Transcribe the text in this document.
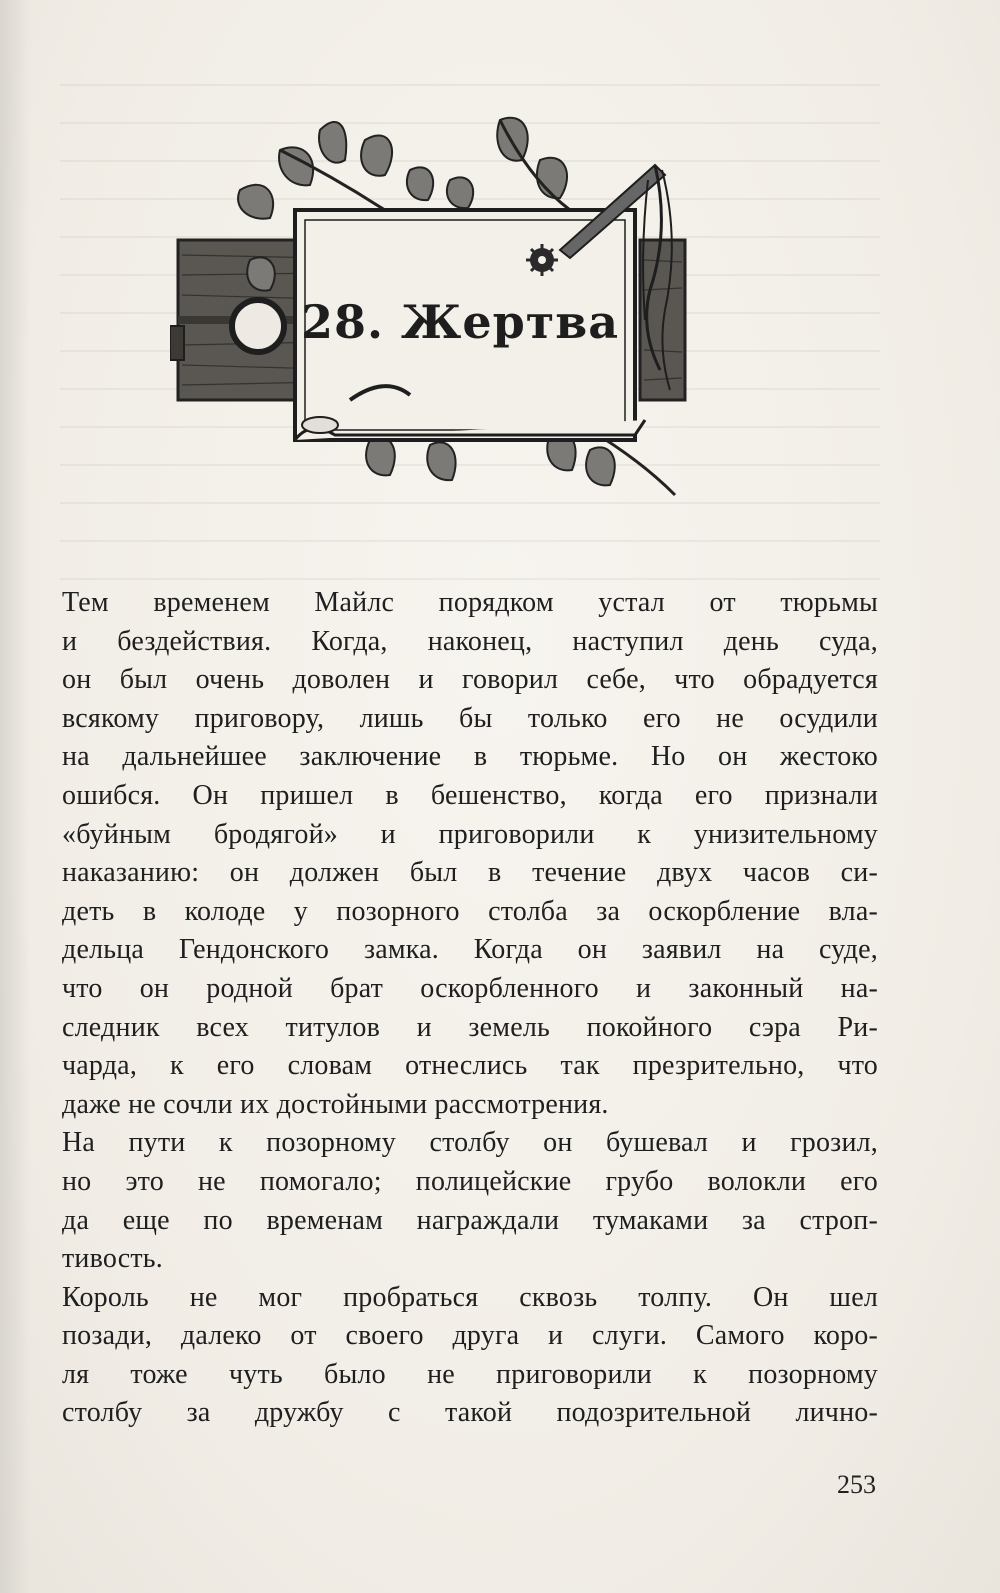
28. Жертва

Тем временем Майлс порядком устал от тюрьмы
и бездействия. Когда, наконец, наступил день суда,
он был очень доволен и говорил себе, что обрадуется
всякому приговору, лишь бы только его не осудили
на дальнейшее заключение в тюрьме. Но он жестоко
ошибся. Он пришел в бешенство, когда его признали
«буйным бродягой» и приговорили к унизительному
наказанию: он должен был в течение двух часов си-
деть в колоде у позорного столба за оскорбление вла-
дельца Гендонского замка. Когда он заявил на суде,
что он родной брат оскорбленного и законный на-
следник всех титулов и земель покойного сэра Ри-
чарда, к его словам отнеслись так презрительно, что
даже не сочли их достойными рассмотрения.

На пути к позорному столбу он бушевал и грозил,
но это не помогало; полицейские грубо волокли его
да еще по временам награждали тумаками за строп-
тивость.

Король не мог пробраться сквозь толпу. Он шел
позади, далеко от своего друга и слуги. Самого коро-
ля тоже чуть было не приговорили к позорному
столбу за дружбу с такой подозрительной лично-

253
